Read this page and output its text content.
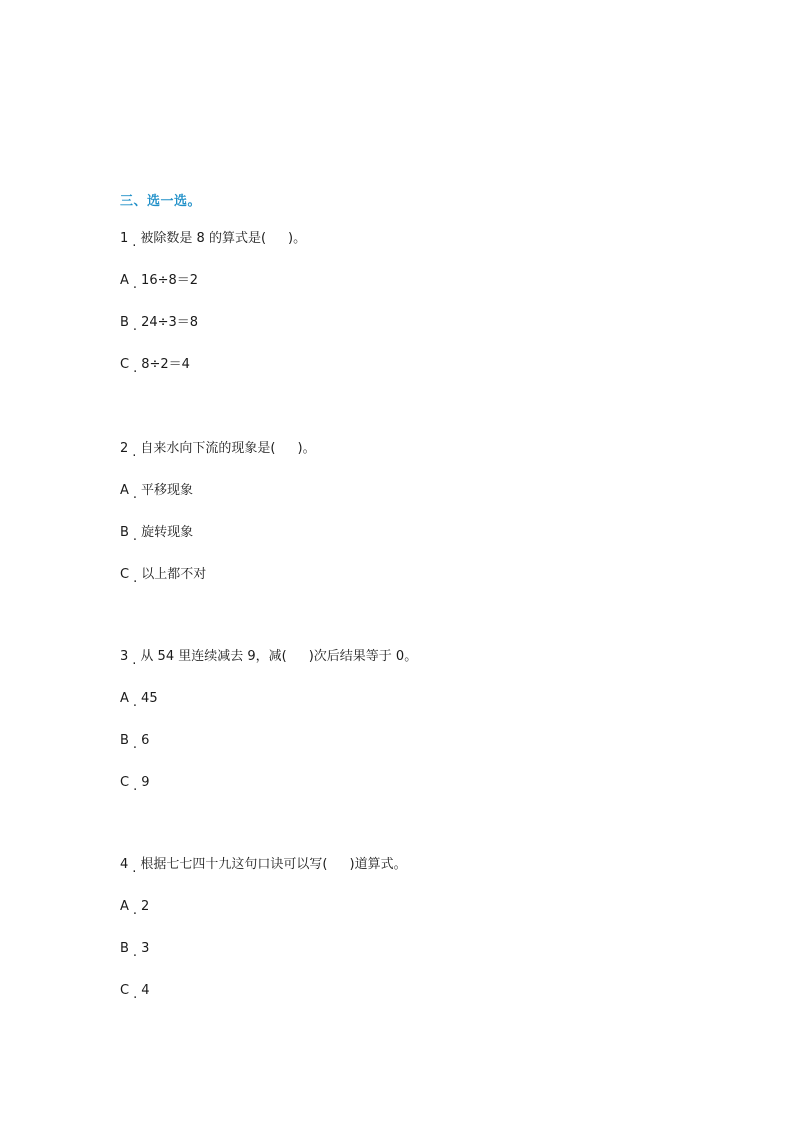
三、选一选。
1 . 被除数是 8 的算式是( )。
A . 16÷8＝2
B . 24÷3＝8
C . 8÷2＝4
2 . 自来水向下流的现象是( )。
A . 平移现象
B . 旋转现象
C . 以上都不对
3 . 从 54 里连续减去 9，减( )次后结果等于 0。
A . 45
B . 6
C . 9
4 . 根据七七四十九这句口诀可以写( )道算式。
A . 2
B . 3
C . 4
